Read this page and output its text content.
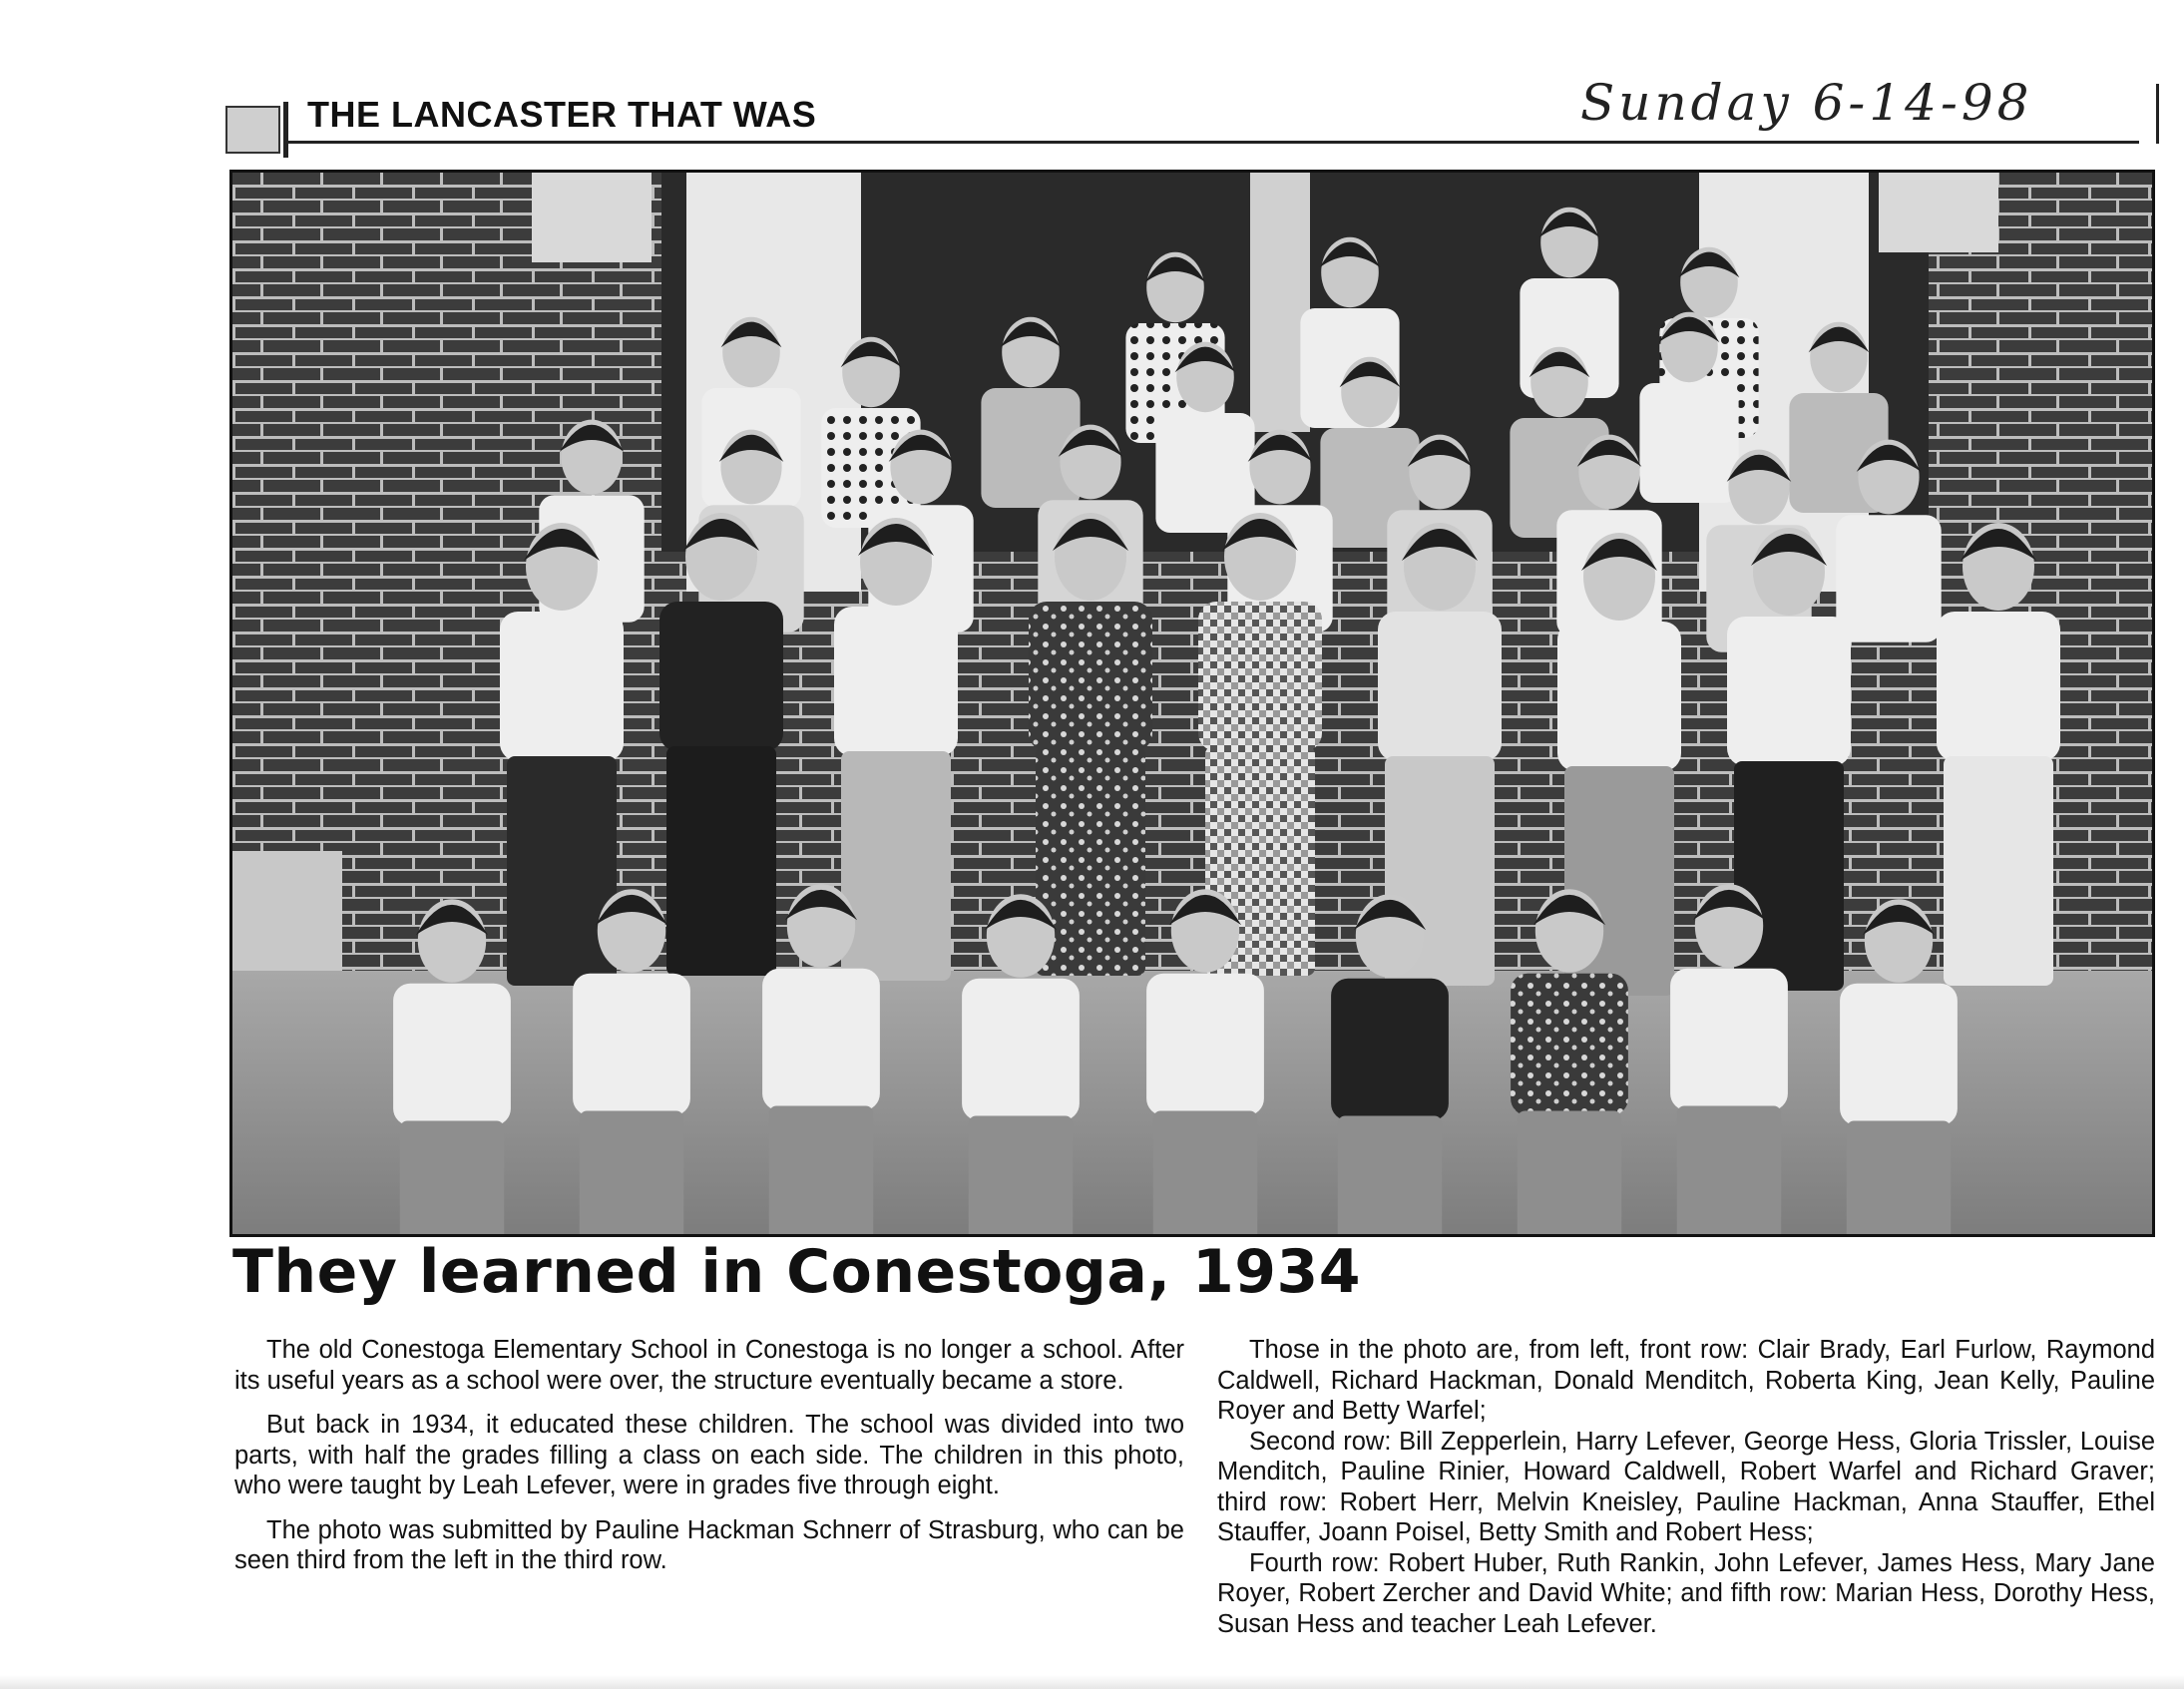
THE LANCASTER THAT WAS	Sunday 6-14-98
They learned in Conestoga, 1934

The old Conestoga Elementary School in Conestoga is no longer a school. After its useful years as a school were over, the structure eventually became a store.

But back in 1934, it educated these children. The school was divided into two parts, with half the grades filling a class on each side. The children in this photo, who were taught by Leah Lefever, were in grades five through eight.

The photo was submitted by Pauline Hackman Schnerr of Strasburg, who can be seen third from the left in the third row.

Those in the photo are, from left, front row: Clair Brady, Earl Furlow, Raymond Caldwell, Richard Hackman, Donald Menditch, Roberta King, Jean Kelly, Pauline Royer and Betty Warfel;

Second row: Bill Zepperlein, Harry Lefever, George Hess, Gloria Trissler, Louise Menditch, Pauline Rinier, Howard Caldwell, Robert Warfel and Richard Graver; third row: Robert Herr, Melvin Kneisley, Pauline Hackman, Anna Stauffer, Ethel Stauffer, Joann Poisel, Betty Smith and Robert Hess;

Fourth row: Robert Huber, Ruth Rankin, John Lefever, James Hess, Mary Jane Royer, Robert Zercher and David White; and fifth row: Marian Hess, Dorothy Hess, Susan Hess and teacher Leah Lefever.
